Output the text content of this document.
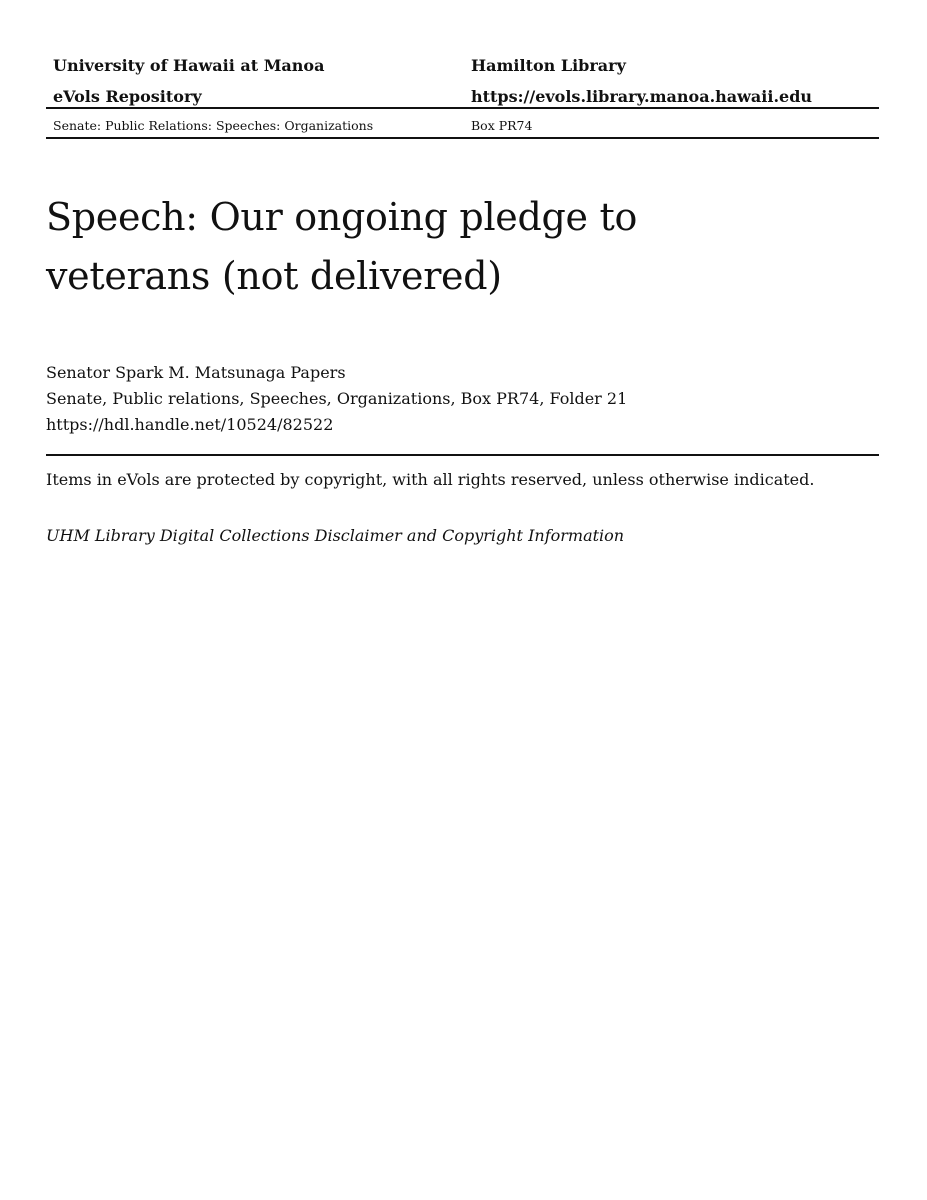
University of Hawaii at Manoa	Hamilton Library
eVols Repository	https://evols.library.manoa.hawaii.edu
Senate: Public Relations: Speeches: Organizations	Box PR74
Speech: Our ongoing pledge to
veterans (not delivered)
Senator Spark M. Matsunaga Papers
Senate, Public relations, Speeches, Organizations, Box PR74, Folder 21
https://hdl.handle.net/10524/82522
Items in eVols are protected by copyright, with all rights reserved, unless otherwise indicated.
UHM Library Digital Collections Disclaimer and Copyright Information
